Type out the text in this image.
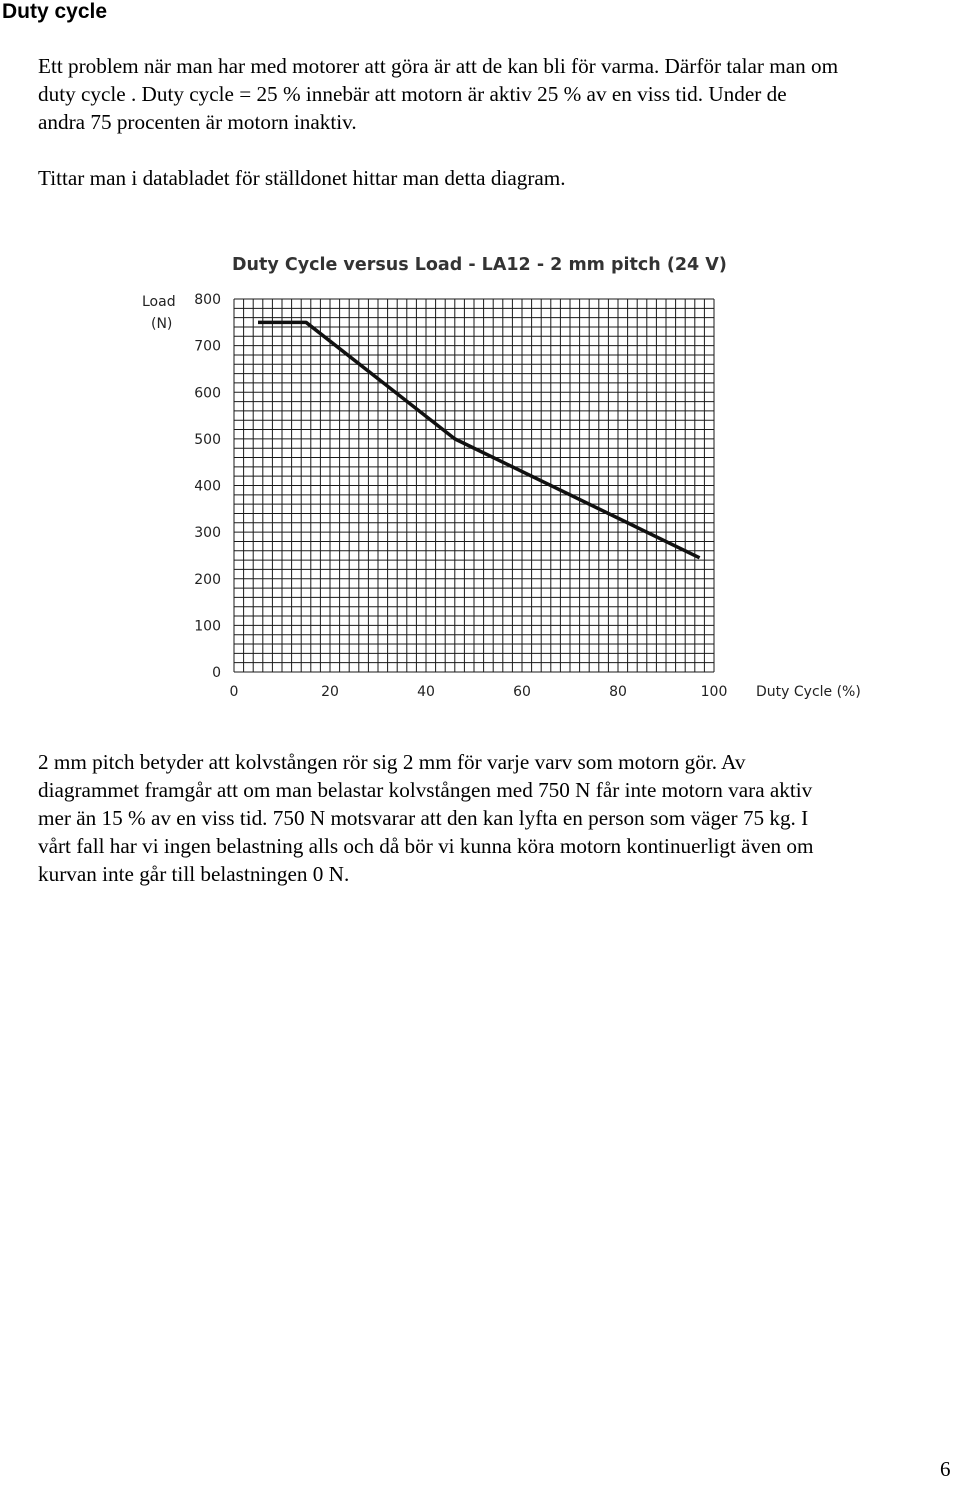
Duty cycle

Ett problem när man har med motorer att göra är att de kan bli för varma. Därför talar man om
duty cycle . Duty cycle = 25 % innebär att motorn är aktiv 25 % av en viss tid. Under de
andra 75 procenten är motorn inaktiv.

Tittar man i databladet för ställdonet hittar man detta diagram.

Duty Cycle versus Load - LA12 - 2 mm pitch (24 V)
Load
(N)
Duty Cycle (%)
0	20	40	60	80	100
0
100
200
300
400
500
600
700
800

2 mm pitch betyder att kolvstången rör sig 2 mm för varje varv som motorn gör. Av
diagrammet framgår att om man belastar kolvstången med 750 N får inte motorn vara aktiv
mer än 15 % av en viss tid. 750 N motsvarar att den kan lyfta en person som väger 75 kg. I
vårt fall har vi ingen belastning alls och då bör vi kunna köra motorn kontinuerligt även om
kurvan inte går till belastningen 0 N.

6
